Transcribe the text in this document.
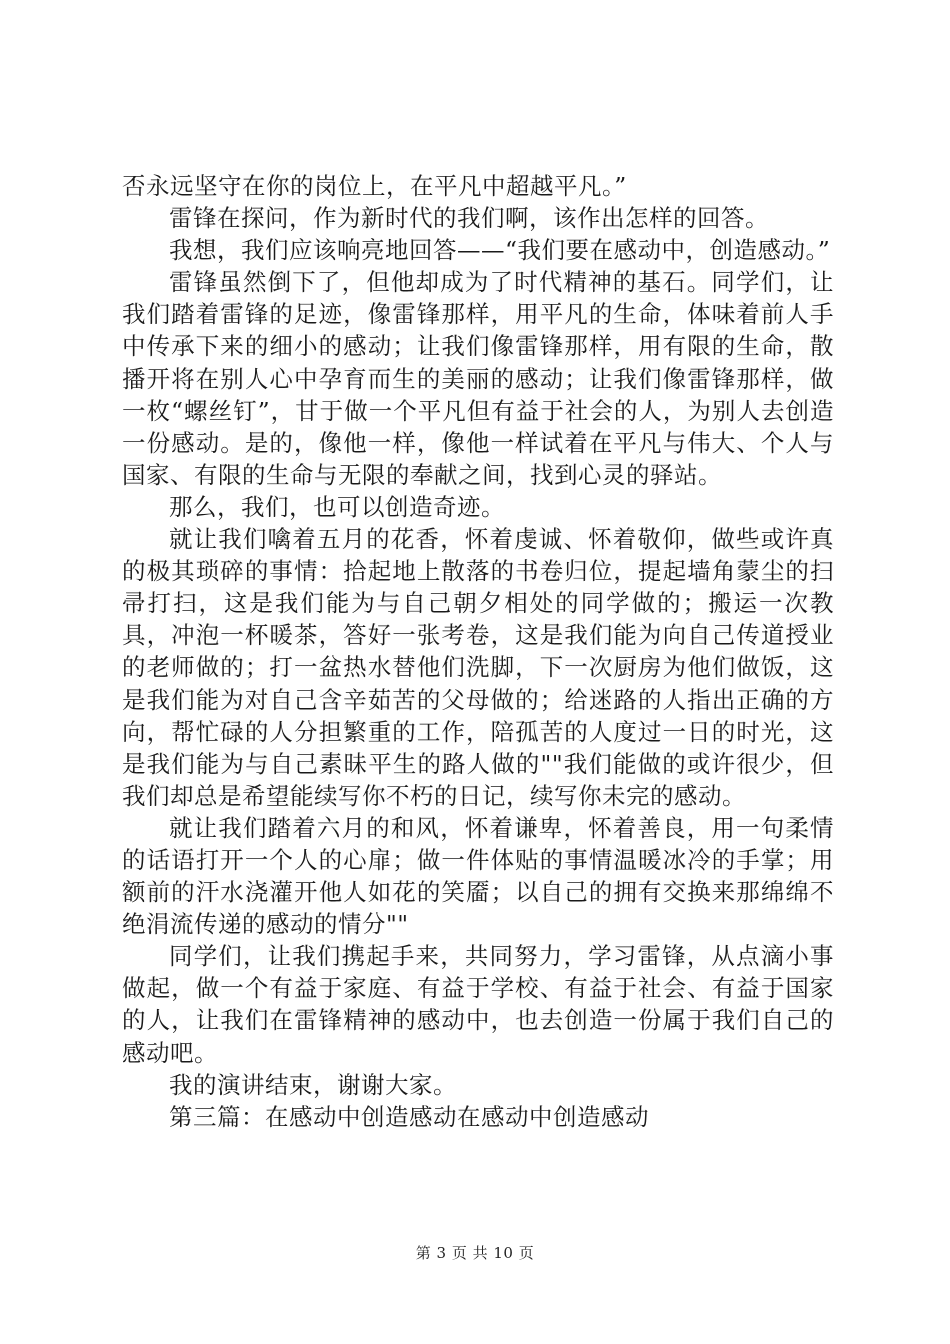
否永远坚守在你的岗位上，在平凡中超越平凡。”

雷锋在探问，作为新时代的我们啊，该作出怎样的回答。

我想，我们应该响亮地回答——“我们要在感动中，创造感动。”

雷锋虽然倒下了，但他却成为了时代精神的基石。同学们，让我们踏着雷锋的足迹，像雷锋那样，用平凡的生命，体味着前人手中传承下来的细小的感动；让我们像雷锋那样，用有限的生命，散播开将在别人心中孕育而生的美丽的感动；让我们像雷锋那样，做一枚“螺丝钉”，甘于做一个平凡但有益于社会的人，为别人去创造一份感动。是的，像他一样，像他一样试着在平凡与伟大、个人与国家、有限的生命与无限的奉献之间，找到心灵的驿站。

那么，我们，也可以创造奇迹。

就让我们噙着五月的花香，怀着虔诚、怀着敬仰，做些或许真的极其琐碎的事情：拾起地上散落的书卷归位，提起墙角蒙尘的扫帚打扫，这是我们能为与自己朝夕相处的同学做的；搬运一次教具，冲泡一杯暖茶，答好一张考卷，这是我们能为向自己传道授业的老师做的；打一盆热水替他们洗脚，下一次厨房为他们做饭，这是我们能为对自己含辛茹苦的父母做的；给迷路的人指出正确的方向，帮忙碌的人分担繁重的工作，陪孤苦的人度过一日的时光，这是我们能为与自己素昧平生的路人做的""我们能做的或许很少，但我们却总是希望能续写你不朽的日记，续写你未完的感动。

就让我们踏着六月的和风，怀着谦卑，怀着善良，用一句柔情的话语打开一个人的心扉；做一件体贴的事情温暖冰冷的手掌；用额前的汗水浇灌开他人如花的笑靥；以自己的拥有交换来那绵绵不绝涓流传递的感动的情分""

同学们，让我们携起手来，共同努力，学习雷锋，从点滴小事做起，做一个有益于家庭、有益于学校、有益于社会、有益于国家的人，让我们在雷锋精神的感动中，也去创造一份属于我们自己的感动吧。

我的演讲结束，谢谢大家。

第三篇：在感动中创造感动在感动中创造感动

第 3 页 共 10 页
